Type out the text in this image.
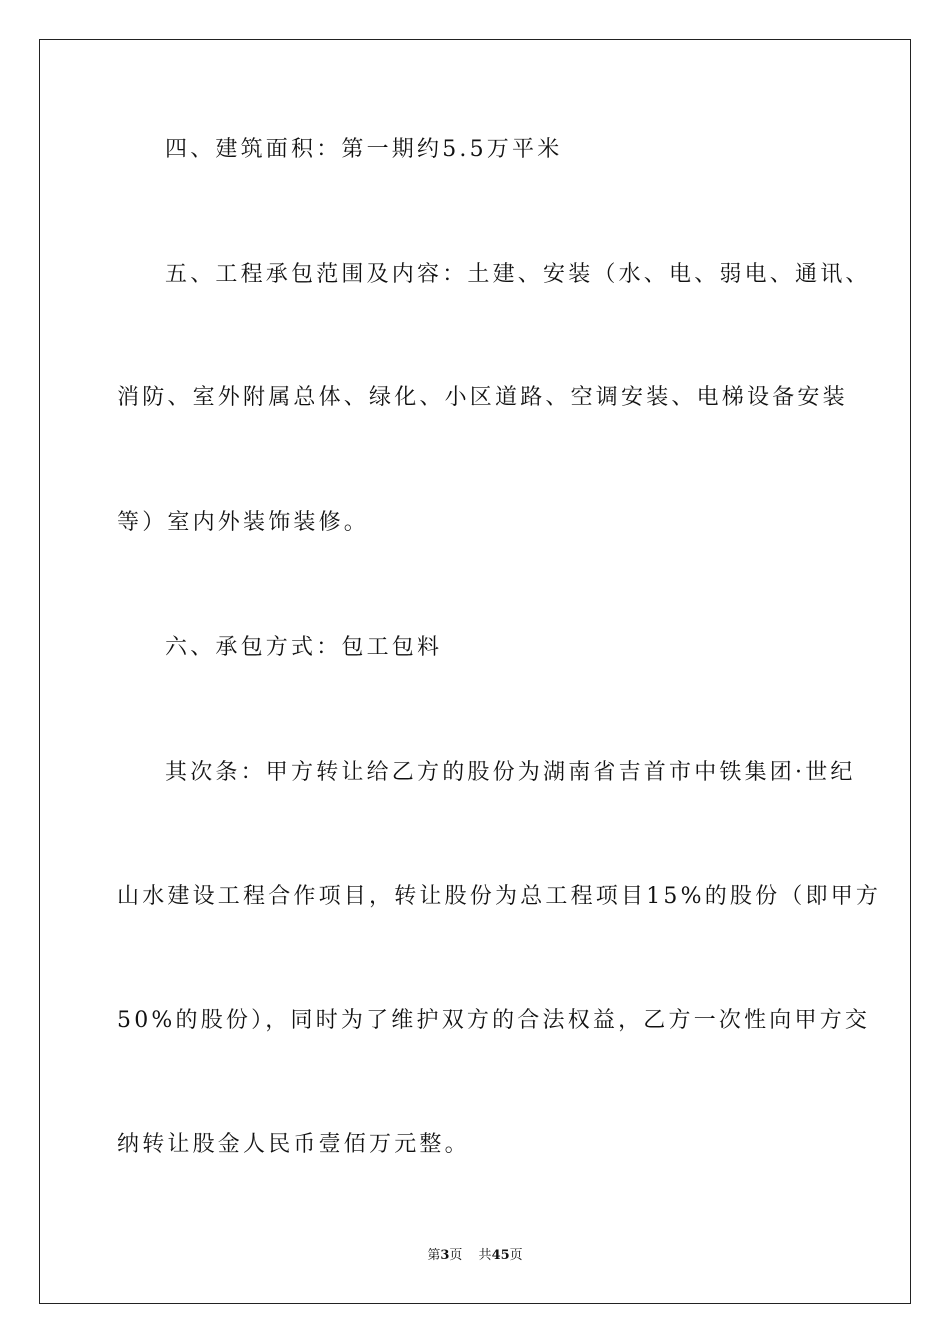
四、建筑面积：第一期约5.5万平米
五、工程承包范围及内容：土建、安装（水、电、弱电、通讯、
消防、室外附属总体、绿化、小区道路、空调安装、电梯设备安装
等）室内外装饰装修。
六、承包方式：包工包料
其次条：甲方转让给乙方的股份为湖南省吉首市中铁集团·世纪
山水建设工程合作项目，转让股份为总工程项目15%的股份（即甲方
50%的股份），同时为了维护双方的合法权益，乙方一次性向甲方交
纳转让股金人民币壹佰万元整。
第3页 共45页
